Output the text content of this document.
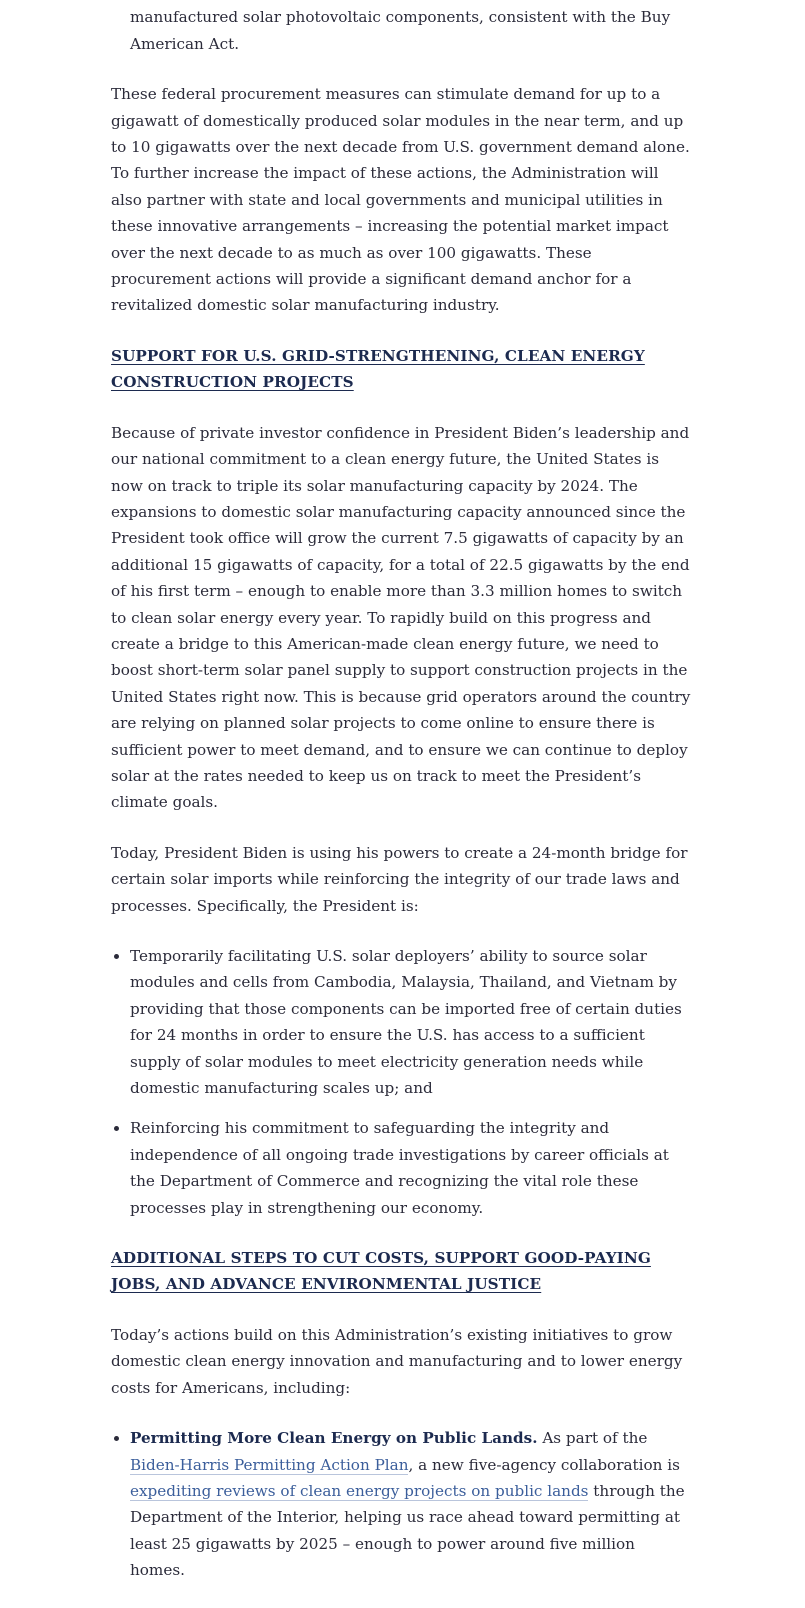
• manufactured solar photovoltaic components, consistent with the Buy American Act.

These federal procurement measures can stimulate demand for up to a gigawatt of domestically produced solar modules in the near term, and up to 10 gigawatts over the next decade from U.S. government demand alone. To further increase the impact of these actions, the Administration will also partner with state and local governments and municipal utilities in these innovative arrangements – increasing the potential market impact over the next decade to as much as over 100 gigawatts. These procurement actions will provide a significant demand anchor for a revitalized domestic solar manufacturing industry.

SUPPORT FOR U.S. GRID-STRENGTHENING, CLEAN ENERGY CONSTRUCTION PROJECTS

Because of private investor confidence in President Biden’s leadership and our national commitment to a clean energy future, the United States is now on track to triple its solar manufacturing capacity by 2024. The expansions to domestic solar manufacturing capacity announced since the President took office will grow the current 7.5 gigawatts of capacity by an additional 15 gigawatts of capacity, for a total of 22.5 gigawatts by the end of his first term – enough to enable more than 3.3 million homes to switch to clean solar energy every year. To rapidly build on this progress and create a bridge to this American-made clean energy future, we need to boost short-term solar panel supply to support construction projects in the United States right now. This is because grid operators around the country are relying on planned solar projects to come online to ensure there is sufficient power to meet demand, and to ensure we can continue to deploy solar at the rates needed to keep us on track to meet the President’s climate goals.

Today, President Biden is using his powers to create a 24-month bridge for certain solar imports while reinforcing the integrity of our trade laws and processes. Specifically, the President is:

• Temporarily facilitating U.S. solar deployers’ ability to source solar modules and cells from Cambodia, Malaysia, Thailand, and Vietnam by providing that those components can be imported free of certain duties for 24 months in order to ensure the U.S. has access to a sufficient supply of solar modules to meet electricity generation needs while domestic manufacturing scales up; and
• Reinforcing his commitment to safeguarding the integrity and independence of all ongoing trade investigations by career officials at the Department of Commerce and recognizing the vital role these processes play in strengthening our economy.
ADDITIONAL STEPS TO CUT COSTS, SUPPORT GOOD-PAYING JOBS, AND ADVANCE ENVIRONMENTAL JUSTICE

Today’s actions build on this Administration’s existing initiatives to grow domestic clean energy innovation and manufacturing and to lower energy costs for Americans, including:

• Permitting More Clean Energy on Public Lands. As part of the Biden-Harris Permitting Action Plan, a new five-agency collaboration is expediting reviews of clean energy projects on public lands through the Department of the Interior, helping us race ahead toward permitting at least 25 gigawatts by 2025 – enough to power around five million homes.
